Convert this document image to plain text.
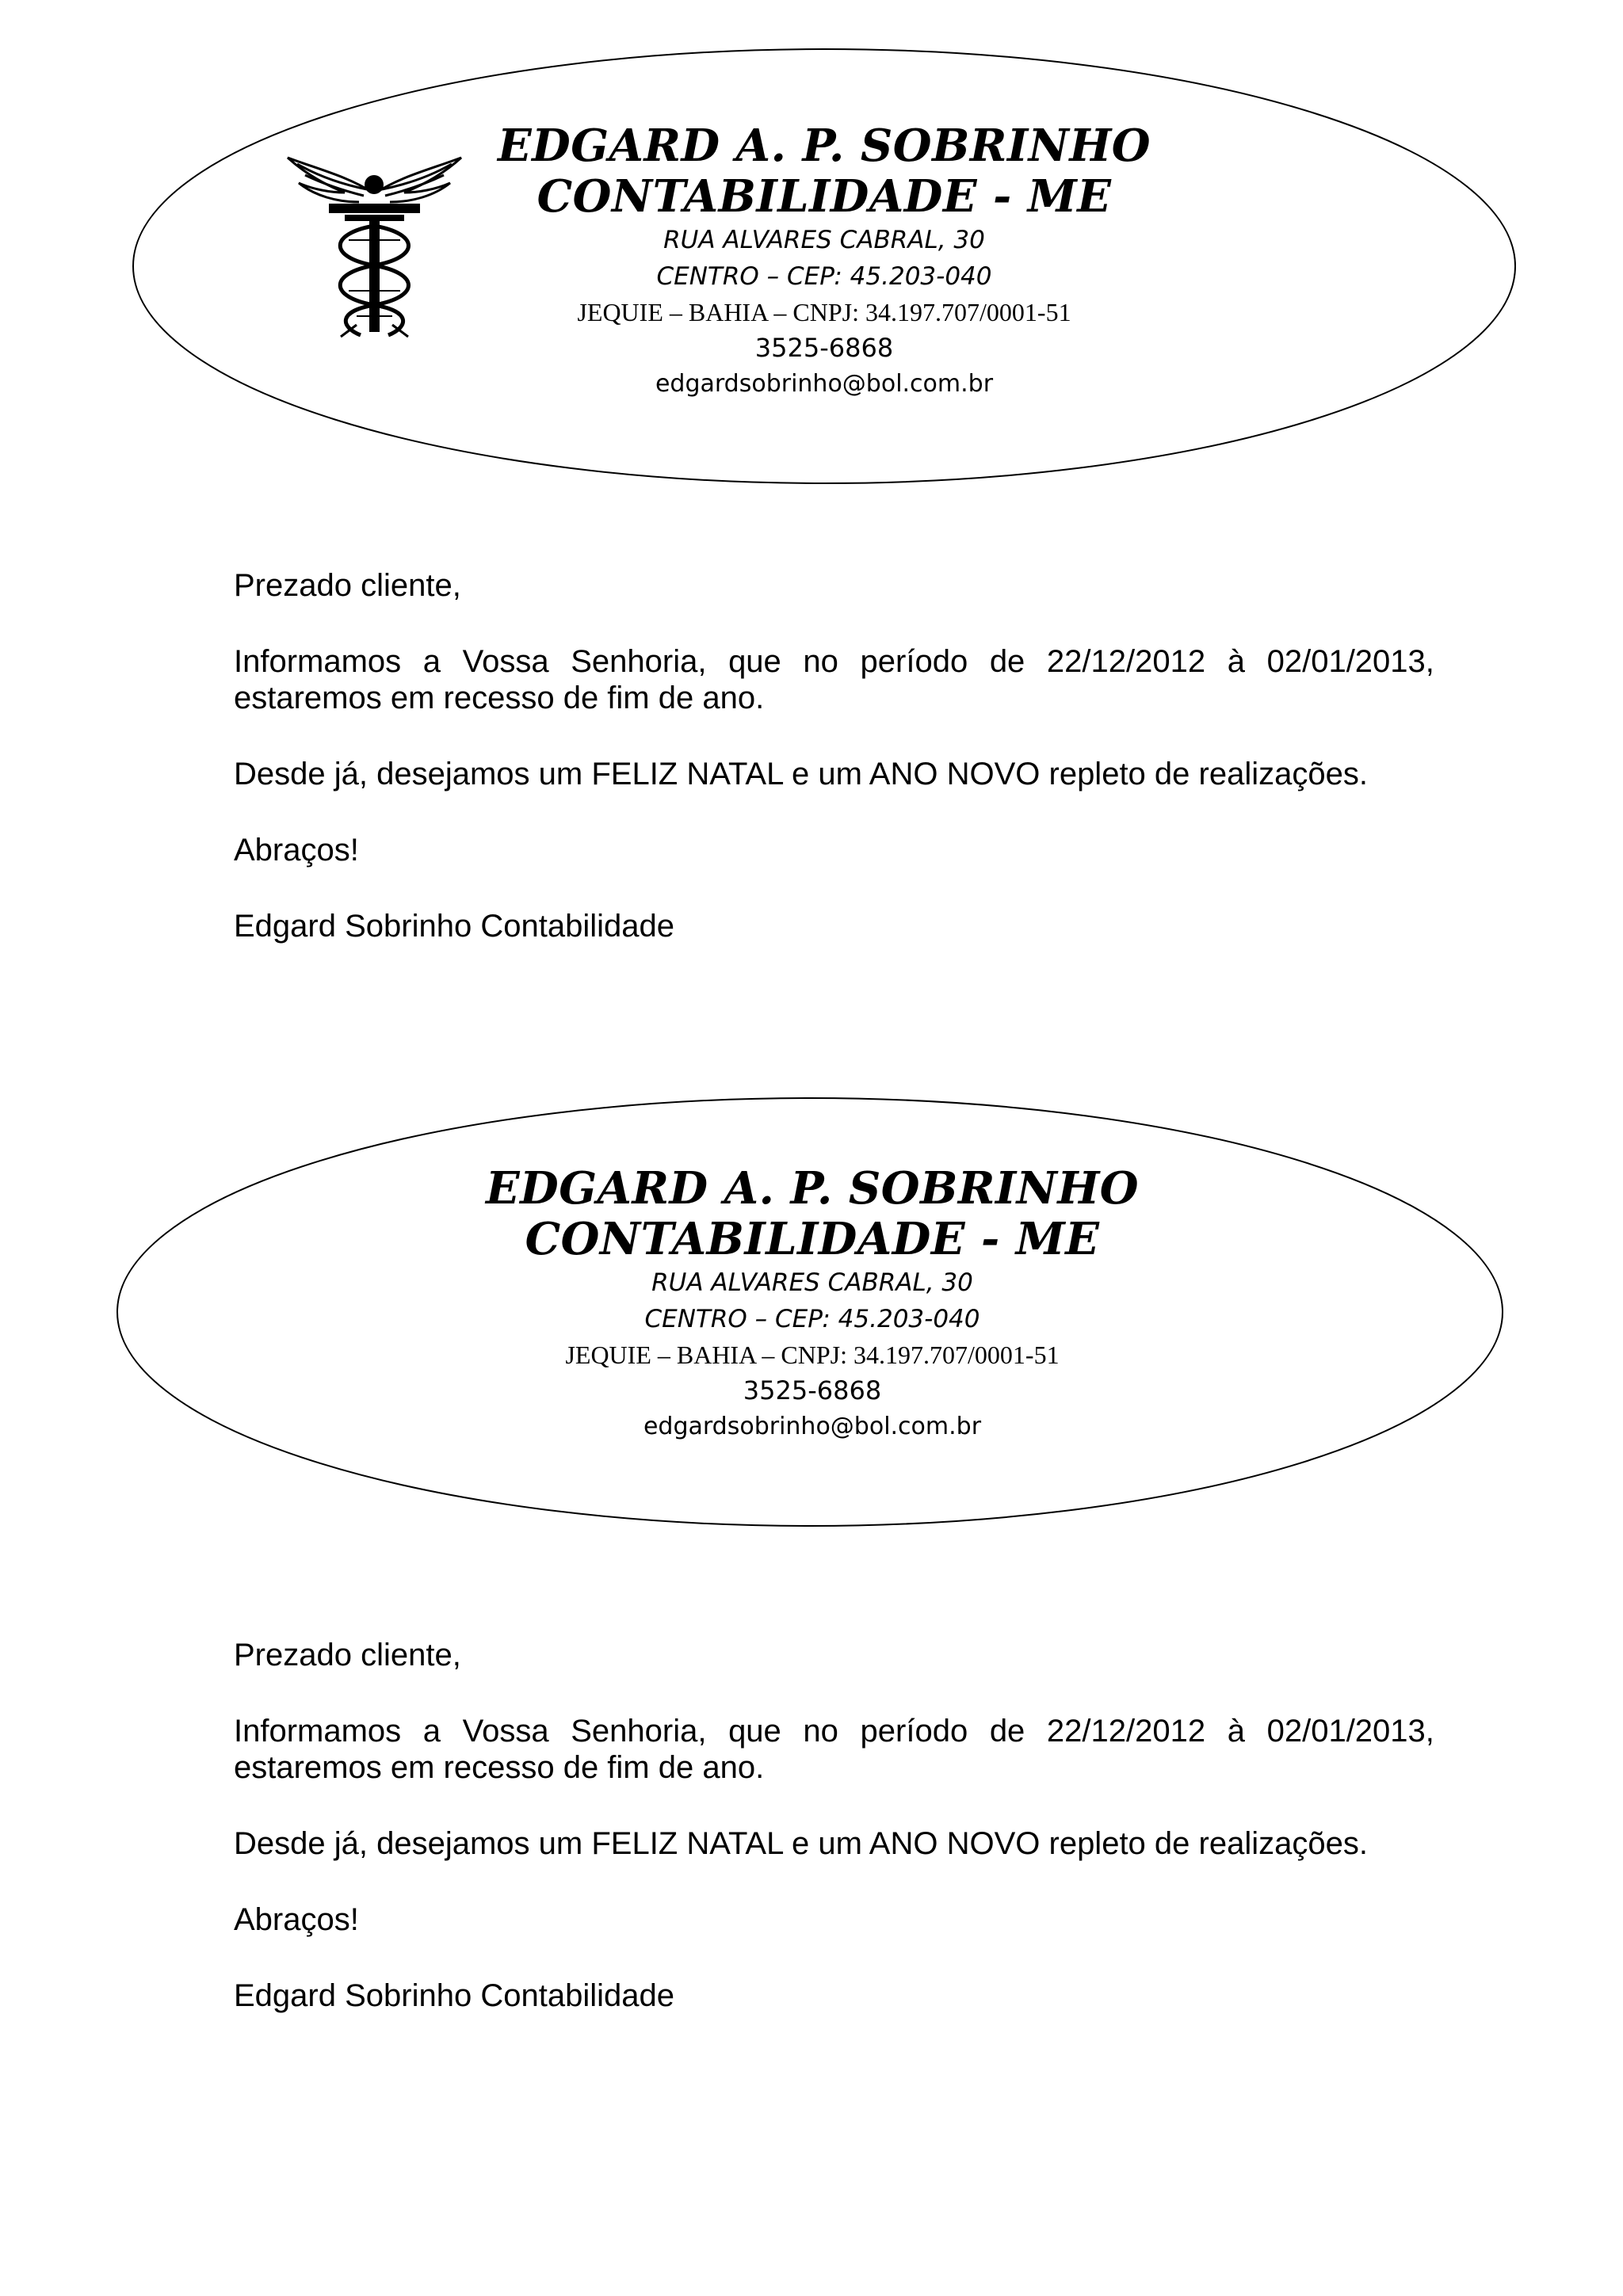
EDGARD A. P. SOBRINHO
CONTABILIDADE - ME
RUA ALVARES CABRAL, 30
CENTRO – CEP: 45.203-040
JEQUIE – BAHIA – CNPJ: 34.197.707/0001-51
3525-6868
edgardsobrinho@bol.com.br

Prezado cliente,

Informamos a Vossa Senhoria, que no período de 22/12/2012 à 02/01/2013,
estaremos em recesso de fim de ano.

Desde já, desejamos um FELIZ NATAL e um ANO NOVO repleto de realizações.

Abraços!

Edgard Sobrinho Contabilidade

EDGARD A. P. SOBRINHO
CONTABILIDADE - ME
RUA ALVARES CABRAL, 30
CENTRO – CEP: 45.203-040
JEQUIE – BAHIA – CNPJ: 34.197.707/0001-51
3525-6868
edgardsobrinho@bol.com.br

Prezado cliente,

Informamos a Vossa Senhoria, que no período de 22/12/2012 à 02/01/2013,
estaremos em recesso de fim de ano.

Desde já, desejamos um FELIZ NATAL e um ANO NOVO repleto de realizações.

Abraços!

Edgard Sobrinho Contabilidade
